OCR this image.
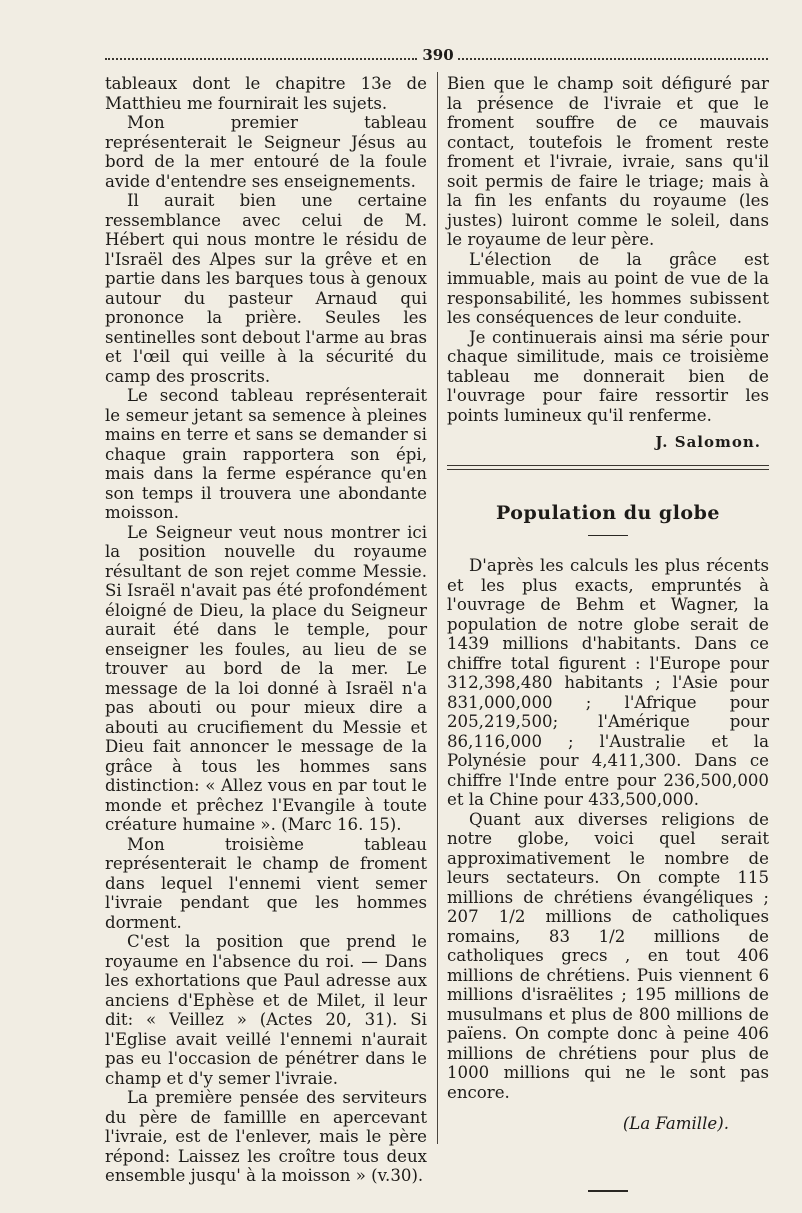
390

tableaux dont le chapitre 13e de Matthieu me fournirait les sujets.

Mon premier tableau représenterait le Seigneur Jésus au bord de la mer entouré de la foule avide d'entendre ses enseignements.

Il aurait bien une certaine ressemblance avec celui de M. Hébert qui nous montre le résidu de l'Israël des Alpes sur la grêve et en partie dans les barques tous à genoux autour du pasteur Arnaud qui prononce la prière. Seules les sentinelles sont debout l'arme au bras et l'œil qui veille à la sécurité du camp des proscrits.

Le second tableau représenterait le semeur jetant sa semence à pleines mains en terre et sans se demander si chaque grain rapportera son épi, mais dans la ferme espérance qu'en son temps il trouvera une abondante moisson.

Le Seigneur veut nous montrer ici la position nouvelle du royaume résultant de son rejet comme Messie. Si Israël n'avait pas été profondément éloigné de Dieu, la place du Seigneur aurait été dans le temple, pour enseigner les foules, au lieu de se trouver au bord de la mer. Le message de la loi donné à Israël n'a pas abouti ou pour mieux dire a abouti au crucifiement du Messie et Dieu fait annoncer le message de la grâce à tous les hommes sans distinction: « Allez vous en par tout le monde et prêchez l'Evangile à toute créature humaine ». (Marc 16. 15).

Mon troisième tableau représenterait le champ de froment dans lequel l'ennemi vient semer l'ivraie pendant que les hommes dorment.

C'est la position que prend le royaume en l'absence du roi. — Dans les exhortations que Paul adresse aux anciens d'Ephèse et de Milet, il leur dit: « Veillez » (Actes 20, 31). Si l'Eglise avait veillé l'ennemi n'aurait pas eu l'occasion de pénétrer dans le champ et d'y semer l'ivraie.

La première pensée des serviteurs du père de famillle en apercevant l'ivraie, est de l'enlever, mais le père répond: Laissez les croître tous deux ensemble jusqu' à la moisson » (v.30).

Bien que le champ soit défiguré par la présence de l'ivraie et que le froment souffre de ce mauvais contact, toutefois le froment reste froment et l'ivraie, ivraie, sans qu'il soit permis de faire le triage; mais à la fin les enfants du royaume (les justes) luiront comme le soleil, dans le royaume de leur père.

L'élection de la grâce est immuable, mais au point de vue de la responsabilité, les hommes subissent les conséquences de leur conduite.

Je continuerais ainsi ma série pour chaque similitude, mais ce troisième tableau me donnerait bien de l'ouvrage pour faire ressortir les points lumineux qu'il renferme.

J. Salomon.
Population du globe

D'après les calculs les plus récents et les plus exacts, empruntés à l'ouvrage de Behm et Wagner, la population de notre globe serait de 1439 millions d'habitants. Dans ce chiffre total figurent : l'Europe pour 312,398,480 habitants ; l'Asie pour 831,000,000 ; l'Afrique pour 205,219,500; l'Amérique pour 86,116,000 ; l'Australie et la Polynésie pour 4,411,300. Dans ce chiffre l'Inde entre pour 236,500,000 et la Chine pour 433,500,000.

Quant aux diverses religions de notre globe, voici quel serait approximativement le nombre de leurs sectateurs. On compte 115 millions de chrétiens évangéliques ; 207 1/2 millions de catholiques romains, 83 1/2 millions de catholiques grecs , en tout 406 millions de chrétiens. Puis viennent 6 millions d'israëlites ; 195 millions de musulmans et plus de 800 millions de païens. On compte donc à peine 406 millions de chrétiens pour plus de 1000 millions qui ne le sont pas encore.

(La Famille).
